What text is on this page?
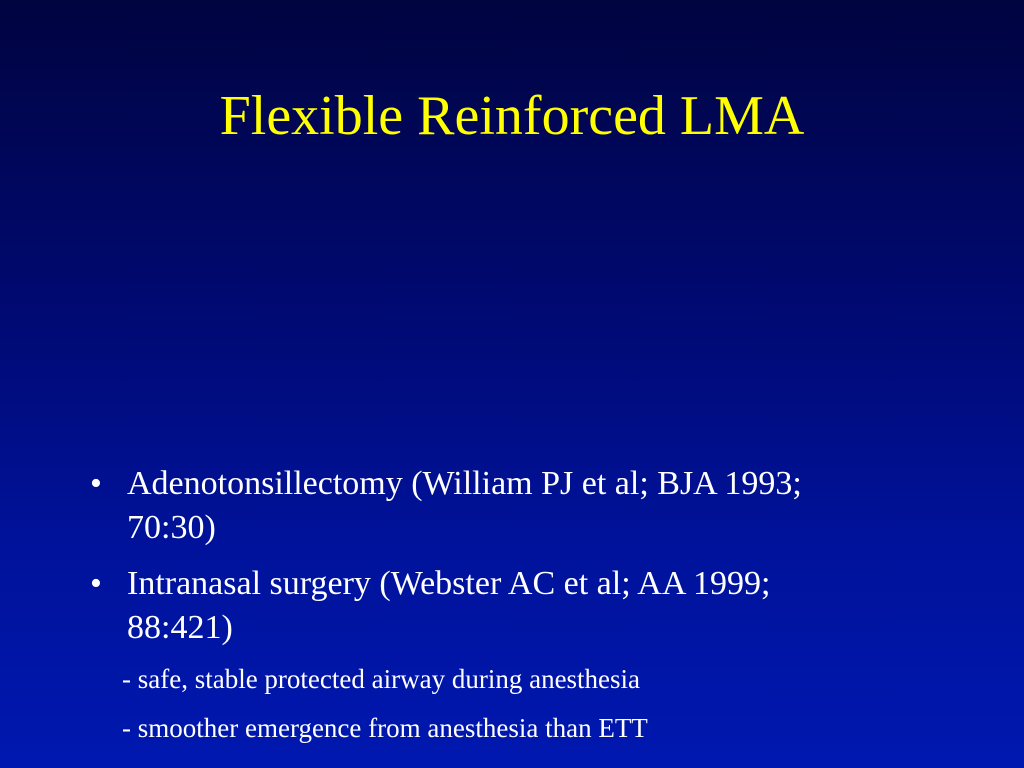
Flexible Reinforced LMA
• Adenotonsillectomy (William PJ et al; BJA 1993;
70:30)
• Intranasal surgery (Webster AC et al; AA 1999;
88:421)
- safe, stable protected airway during anesthesia
- smoother emergence from anesthesia than ETT
